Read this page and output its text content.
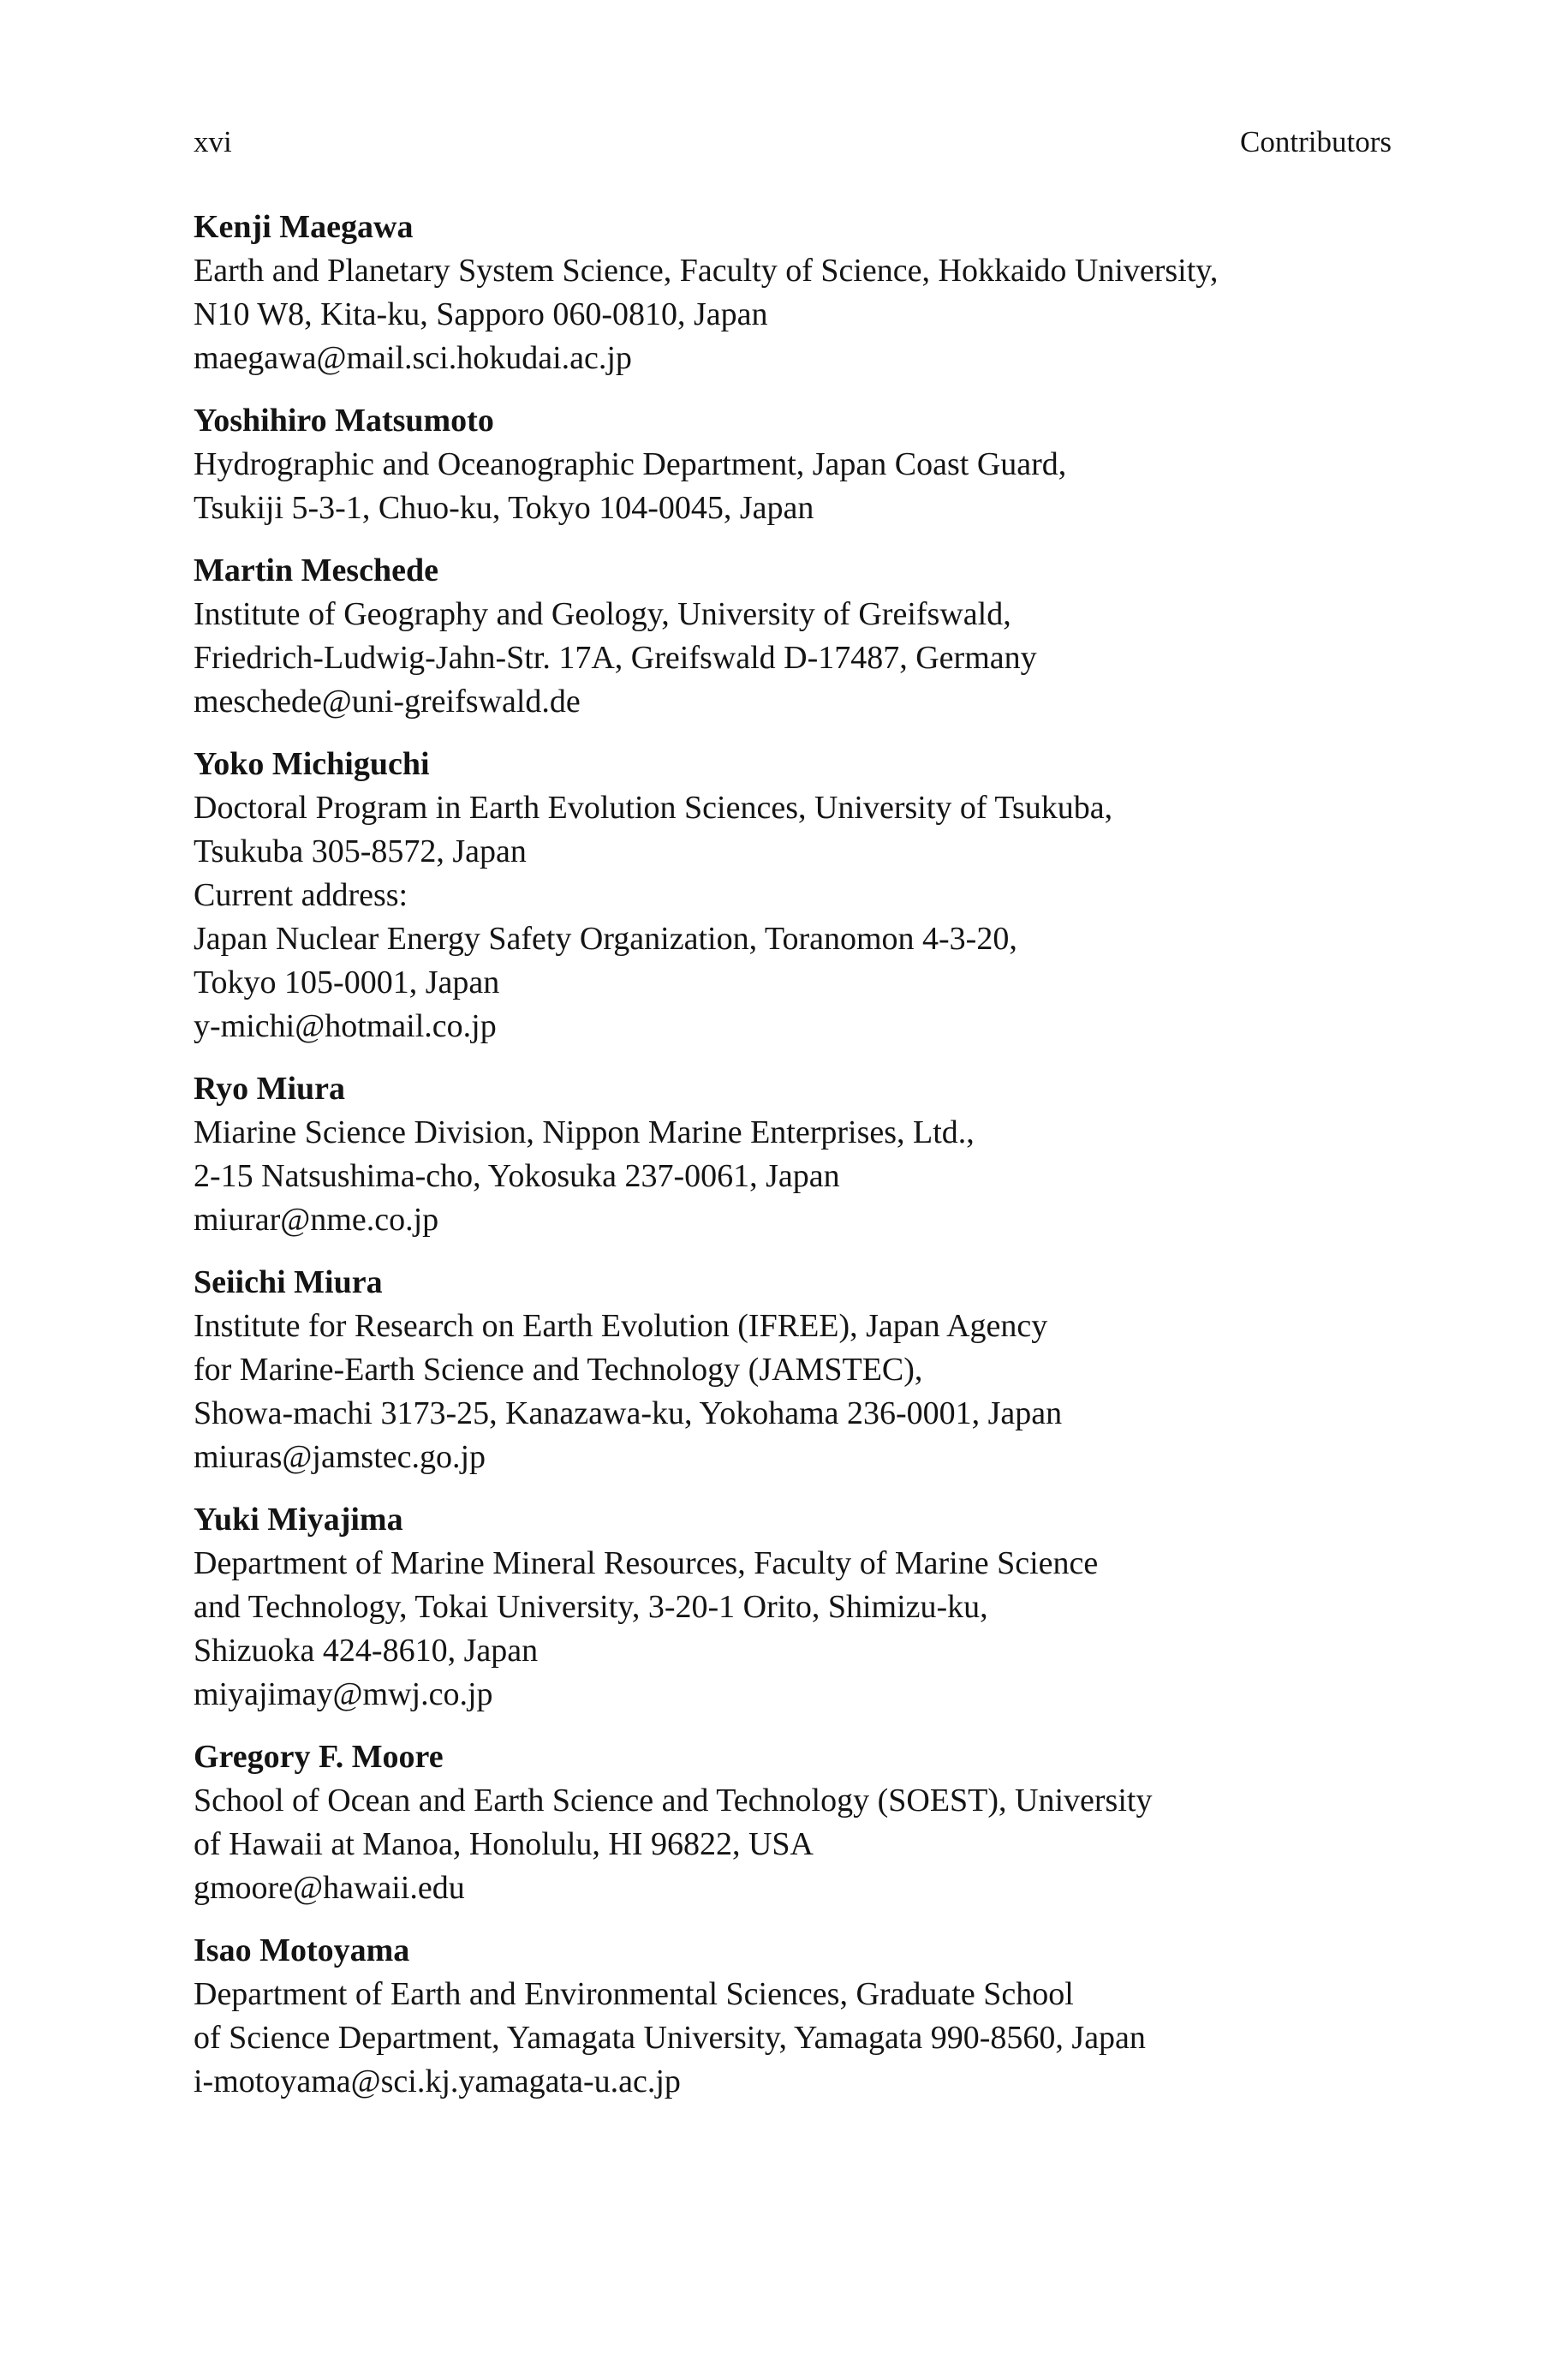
xvi	Contributors
Kenji Maegawa
Earth and Planetary System Science, Faculty of Science, Hokkaido University,
N10 W8, Kita-ku, Sapporo 060-0810, Japan
maegawa@mail.sci.hokudai.ac.jp
Yoshihiro Matsumoto
Hydrographic and Oceanographic Department, Japan Coast Guard,
Tsukiji 5-3-1, Chuo-ku, Tokyo 104-0045, Japan
Martin Meschede
Institute of Geography and Geology, University of Greifswald,
Friedrich-Ludwig-Jahn-Str. 17A, Greifswald D-17487, Germany
meschede@uni-greifswald.de
Yoko Michiguchi
Doctoral Program in Earth Evolution Sciences, University of Tsukuba,
Tsukuba 305-8572, Japan
Current address:
Japan Nuclear Energy Safety Organization, Toranomon 4-3-20,
Tokyo 105-0001, Japan
y-michi@hotmail.co.jp
Ryo Miura
Miarine Science Division, Nippon Marine Enterprises, Ltd.,
2-15 Natsushima-cho, Yokosuka 237-0061, Japan
miurar@nme.co.jp
Seiichi Miura
Institute for Research on Earth Evolution (IFREE), Japan Agency
for Marine-Earth Science and Technology (JAMSTEC),
Showa-machi 3173-25, Kanazawa-ku, Yokohama 236-0001, Japan
miuras@jamstec.go.jp
Yuki Miyajima
Department of Marine Mineral Resources, Faculty of Marine Science
and Technology, Tokai University, 3-20-1 Orito, Shimizu-ku,
Shizuoka 424-8610, Japan
miyajimay@mwj.co.jp
Gregory F. Moore
School of Ocean and Earth Science and Technology (SOEST), University
of Hawaii at Manoa, Honolulu, HI 96822, USA
gmoore@hawaii.edu
Isao Motoyama
Department of Earth and Environmental Sciences, Graduate School
of Science Department, Yamagata University, Yamagata 990-8560, Japan
i-motoyama@sci.kj.yamagata-u.ac.jp
